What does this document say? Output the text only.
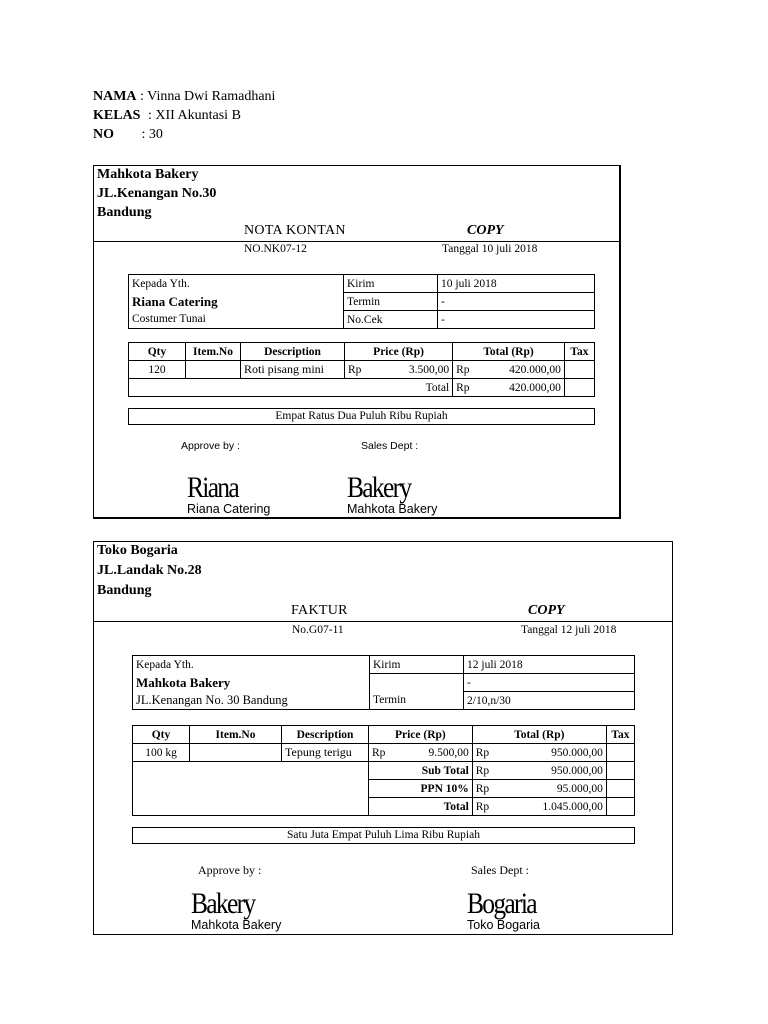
NAMA : Vinna Dwi Ramadhani
KELAS : XII Akuntasi B
NO : 30
Mahkota Bakery
JL.Kenangan No.30
Bandung
NOTA KONTAN	COPY
NO.NK07-12	Tanggal 10 juli 2018
Kepada Yth.	Kirim	10 juli 2018
Riana Catering	Termin	-
Costumer Tunai	No.Cek	-
Qty	Item.No	Description	Price (Rp)		Total (Rp)		Tax
120		Roti pisang mini	Rp	3.500,00	Rp	420.000,00	
Total					Rp	420.000,00	
Empat Ratus Dua Puluh Ribu Rupiah
Approve by :	Sales Dept :
Riana	Bakery
Riana Catering	Mahkota Bakery
Toko Bogaria
JL.Landak No.28
Bandung
FAKTUR	COPY
No.G07-11	Tanggal 12 juli 2018
Kepada Yth.	Kirim	12 juli 2018
Mahkota Bakery		-
JL.Kenangan No. 30 Bandung	Termin	2/10,n/30
Qty	Item.No	Description	Price (Rp)		Total (Rp)		Tax
100 kg		Tepung terigu	Rp	9.500,00	Rp	950.000,00	
			Sub Total		Rp	950.000,00	
			PPN 10%		Rp	95.000,00	
			Total		Rp	1.045.000,00	
Satu Juta Empat Puluh Lima Ribu Rupiah
Approve by :	Sales Dept :
Bakery	Bogaria
Mahkota Bakery	Toko Bogaria
